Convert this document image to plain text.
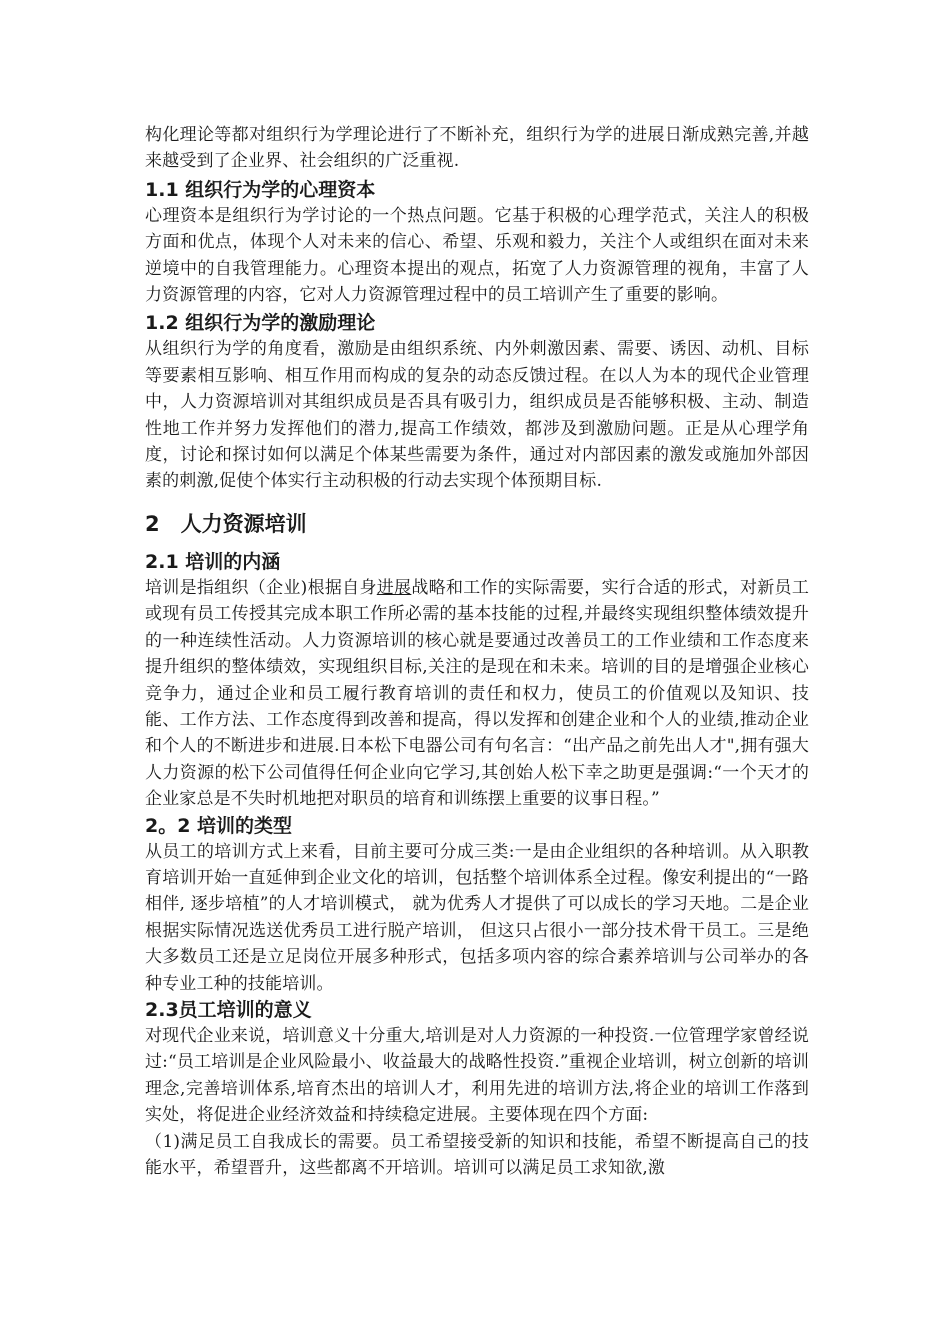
构化理论等都对组织行为学理论进行了不断补充，组织行为学的进展日渐成熟完善,并越来越受到了企业界、社会组织的广泛重视.

1.1 组织行为学的心理资本

心理资本是组织行为学讨论的一个热点问题。它基于积极的心理学范式，关注人的积极方面和优点，体现个人对未来的信心、希望、乐观和毅力，关注个人或组织在面对未来逆境中的自我管理能力。心理资本提出的观点，拓宽了人力资源管理的视角，丰富了人力资源管理的内容，它对人力资源管理过程中的员工培训产生了重要的影响。

1.2 组织行为学的激励理论

从组织行为学的角度看，激励是由组织系统、内外刺激因素、需要、诱因、动机、目标等要素相互影响、相互作用而构成的复杂的动态反馈过程。在以人为本的现代企业管理中，人力资源培训对其组织成员是否具有吸引力，组织成员是否能够积极、主动、制造性地工作并努力发挥他们的潜力,提高工作绩效，都涉及到激励问题。正是从心理学角度，讨论和探讨如何以满足个体某些需要为条件，通过对内部因素的激发或施加外部因素的刺激,促使个体实行主动积极的行动去实现个体预期目标.

2　人力资源培训
2.1 培训的内涵

培训是指组织（企业)根据自身进展战略和工作的实际需要，实行合适的形式，对新员工或现有员工传授其完成本职工作所必需的基本技能的过程,并最终实现组织整体绩效提升的一种连续性活动。人力资源培训的核心就是要通过改善员工的工作业绩和工作态度来提升组织的整体绩效，实现组织目标,关注的是现在和未来。培训的目的是增强企业核心竞争力，通过企业和员工履行教育培训的责任和权力，使员工的价值观以及知识、技能、工作方法、工作态度得到改善和提高，得以发挥和创建企业和个人的业绩,推动企业和个人的不断进步和进展.日本松下电器公司有句名言：“出产品之前先出人才",拥有强大人力资源的松下公司值得任何企业向它学习,其创始人松下幸之助更是强调:“一个天才的企业家总是不失时机地把对职员的培育和训练摆上重要的议事日程。”

2。2 培训的类型

从员工的培训方式上来看，目前主要可分成三类:一是由企业组织的各种培训。从入职教育培训开始一直延伸到企业文化的培训，包括整个培训体系全过程。像安利提出的“一路相伴, 逐步培植”的人才培训模式， 就为优秀人才提供了可以成长的学习天地。二是企业根据实际情况选送优秀员工进行脱产培训， 但这只占很小一部分技术骨干员工。三是绝大多数员工还是立足岗位开展多种形式，包括多项内容的综合素养培训与公司举办的各种专业工种的技能培训。

2.3员工培训的意义

对现代企业来说，培训意义十分重大,培训是对人力资源的一种投资.一位管理学家曾经说过:“员工培训是企业风险最小、收益最大的战略性投资.”重视企业培训，树立创新的培训理念,完善培训体系,培育杰出的培训人才，利用先进的培训方法,将企业的培训工作落到实处，将促进企业经济效益和持续稳定进展。主要体现在四个方面:

（1)满足员工自我成长的需要。员工希望接受新的知识和技能，希望不断提高自己的技能水平，希望晋升，这些都离不开培训。培训可以满足员工求知欲,激
